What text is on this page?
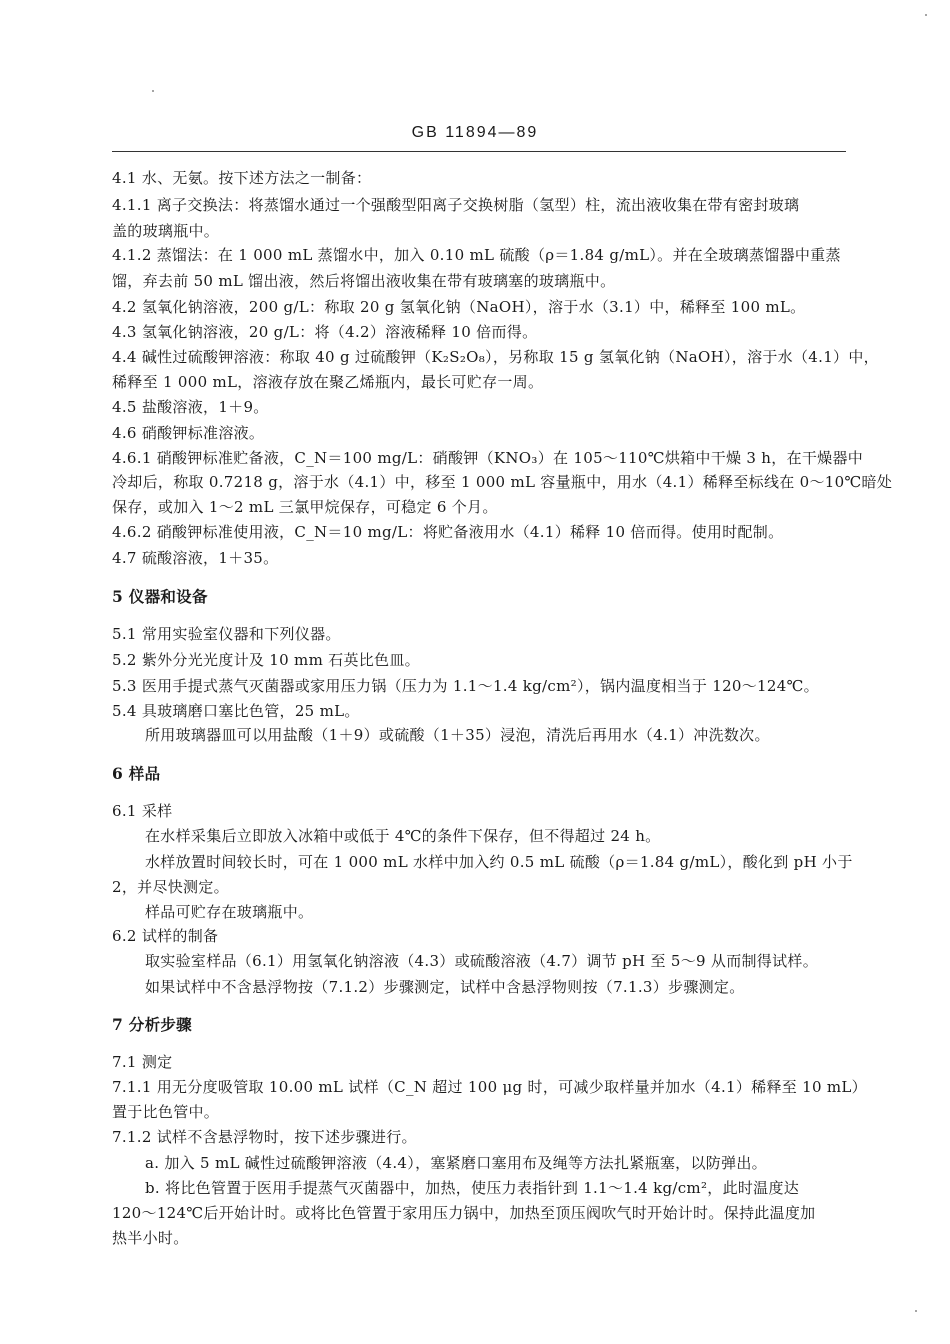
GB 11894—89
4.1 水、无氨。按下述方法之一制备：
4.1.1 离子交换法：将蒸馏水通过一个强酸型阳离子交换树脂（氢型）柱，流出液收集在带有密封玻璃
盖的玻璃瓶中。
4.1.2 蒸馏法：在 1 000 mL 蒸馏水中，加入 0.10 mL 硫酸（ρ＝1.84 g/mL）。并在全玻璃蒸馏器中重蒸
馏，弃去前 50 mL 馏出液，然后将馏出液收集在带有玻璃塞的玻璃瓶中。
4.2 氢氧化钠溶液，200 g/L：称取 20 g 氢氧化钠（NaOH），溶于水（3.1）中，稀释至 100 mL。
4.3 氢氧化钠溶液，20 g/L：将（4.2）溶液稀释 10 倍而得。
4.4 碱性过硫酸钾溶液：称取 40 g 过硫酸钾（K₂S₂O₈），另称取 15 g 氢氧化钠（NaOH），溶于水（4.1）中，
稀释至 1 000 mL，溶液存放在聚乙烯瓶内，最长可贮存一周。
4.5 盐酸溶液，1＋9。
4.6 硝酸钾标准溶液。
4.6.1 硝酸钾标准贮备液，C_N＝100 mg/L：硝酸钾（KNO₃）在 105～110℃烘箱中干燥 3 h，在干燥器中
冷却后，称取 0.7218 g，溶于水（4.1）中，移至 1 000 mL 容量瓶中，用水（4.1）稀释至标线在 0～10℃暗处
保存，或加入 1～2 mL 三氯甲烷保存，可稳定 6 个月。
4.6.2 硝酸钾标准使用液，C_N＝10 mg/L：将贮备液用水（4.1）稀释 10 倍而得。使用时配制。
4.7 硫酸溶液，1＋35。
5 仪器和设备
5.1 常用实验室仪器和下列仪器。
5.2 紫外分光光度计及 10 mm 石英比色皿。
5.3 医用手提式蒸气灭菌器或家用压力锅（压力为 1.1～1.4 kg/cm²），锅内温度相当于 120～124℃。
5.4 具玻璃磨口塞比色管，25 mL。
所用玻璃器皿可以用盐酸（1＋9）或硫酸（1＋35）浸泡，清洗后再用水（4.1）冲洗数次。
6 样品
6.1 采样
在水样采集后立即放入冰箱中或低于 4℃的条件下保存，但不得超过 24 h。
水样放置时间较长时，可在 1 000 mL 水样中加入约 0.5 mL 硫酸（ρ＝1.84 g/mL），酸化到 pH 小于
2，并尽快测定。
样品可贮存在玻璃瓶中。
6.2 试样的制备
取实验室样品（6.1）用氢氧化钠溶液（4.3）或硫酸溶液（4.7）调节 pH 至 5～9 从而制得试样。
如果试样中不含悬浮物按（7.1.2）步骤测定，试样中含悬浮物则按（7.1.3）步骤测定。
7 分析步骤
7.1 测定
7.1.1 用无分度吸管取 10.00 mL 试样（C_N 超过 100 μg 时，可减少取样量并加水（4.1）稀释至 10 mL）
置于比色管中。
7.1.2 试样不含悬浮物时，按下述步骤进行。
a. 加入 5 mL 碱性过硫酸钾溶液（4.4），塞紧磨口塞用布及绳等方法扎紧瓶塞，以防弹出。
b. 将比色管置于医用手提蒸气灭菌器中，加热，使压力表指针到 1.1～1.4 kg/cm²，此时温度达
120～124℃后开始计时。或将比色管置于家用压力锅中，加热至顶压阀吹气时开始计时。保持此温度加
热半小时。
